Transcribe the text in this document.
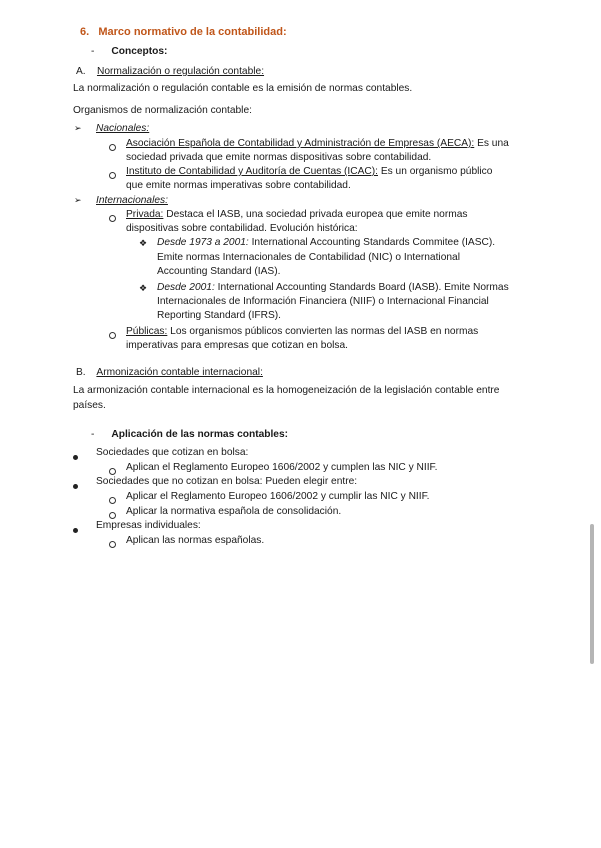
6. Marco normativo de la contabilidad:
- Conceptos:
A. Normalización o regulación contable:
La normalización o regulación contable es la emisión de normas contables.
Organismos de normalización contable:
➢ Nacionales:
Asociación Española de Contabilidad y Administración de Empresas (AECA): Es una
sociedad privada que emite normas dispositivas sobre contabilidad.
Instituto de Contabilidad y Auditoría de Cuentas (ICAC): Es un organismo público
que emite normas imperativas sobre contabilidad.
➢ Internacionales:
Privada: Destaca el IASB, una sociedad privada europea que emite normas
dispositivas sobre contabilidad. Evolución histórica:
❖ Desde 1973 a 2001: International Accounting Standards Commitee (IASC).
Emite normas Internacionales de Contabilidad (NIC) o International
Accounting Standard (IAS).
❖ Desde 2001: International Accounting Standards Board (IASB). Emite Normas
Internacionales de Información Financiera (NIIF) o Internacional Financial
Reporting Standard (IFRS).
Públicas: Los organismos públicos convierten las normas del IASB en normas
imperativas para empresas que cotizan en bolsa.
B. Armonización contable internacional:
La armonización contable internacional es la homogeneización de la legislación contable entre
países.
- Aplicación de las normas contables:
Sociedades que cotizan en bolsa:
Aplican el Reglamento Europeo 1606/2002 y cumplen las NIC y NIIF.
Sociedades que no cotizan en bolsa: Pueden elegir entre:
Aplicar el Reglamento Europeo 1606/2002 y cumplir las NIC y NIIF.
Aplicar la normativa española de consolidación.
Empresas individuales:
Aplican las normas españolas.
